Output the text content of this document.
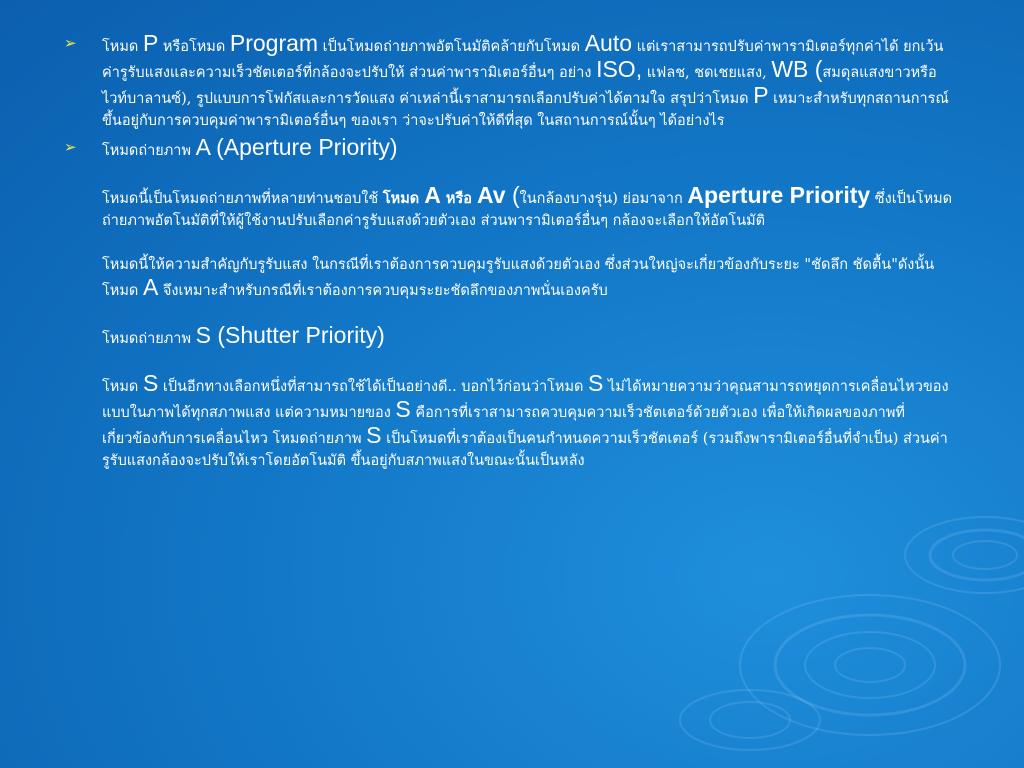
➢	โหมด P หรือโหมด Program เป็นโหมดถ่ายภาพอัตโนมัติคล้ายกับโหมด Auto แต่เราสามารถปรับค่าพารามิเตอร์ทุกค่าได้ ยกเว้นค่ารูรับแสงและความเร็วชัตเตอร์ที่กล้องจะปรับให้ ส่วนค่าพารามิเตอร์อื่นๆ อย่าง ISO, แฟลช, ชดเชยแสง, WB (สมดุลแสงขาวหรือไวท์บาลานซ์), รูปแบบการโฟกัสและการวัดแสง ค่าเหล่านี้เราสามารถเลือกปรับค่าได้ตามใจ สรุปว่าโหมด P เหมาะสำหรับทุกสถานการณ์ ขึ้นอยู่กับการควบคุมค่าพารามิเตอร์อื่นๆ ของเรา ว่าจะปรับค่าให้ดีที่สุด ในสถานการณ์นั้นๆ ได้อย่างไร
➢	โหมดถ่ายภาพ A (Aperture Priority)
โหมดนี้เป็นโหมดถ่ายภาพที่หลายท่านชอบใช้ โหมด A หรือ Av (ในกล้องบางรุ่น) ย่อมาจาก Aperture Priority ซึ่งเป็นโหมดถ่ายภาพอัตโนมัติที่ให้ผู้ใช้งานปรับเลือกค่ารูรับแสงด้วยตัวเอง ส่วนพารามิเตอร์อื่นๆ กล้องจะเลือกให้อัตโนมัติ
โหมดนี้ให้ความสำคัญกับรูรับแสง ในกรณีที่เราต้องการควบคุมรูรับแสงด้วยตัวเอง ซึ่งส่วนใหญ่จะเกี่ยวข้องกับระยะ "ชัดลึก ชัดตื้น"ดังนั้นโหมด A จึงเหมาะสำหรับกรณีที่เราต้องการควบคุมระยะชัดลึกของภาพนั่นเองครับ
โหมดถ่ายภาพ S (Shutter Priority)
โหมด S เป็นอีกทางเลือกหนึ่งที่สามารถใช้ได้เป็นอย่างดี.. บอกไว้ก่อนว่าโหมด S ไม่ได้หมายความว่าคุณสามารถหยุดการเคลื่อนไหวของแบบในภาพได้ทุกสภาพแสง แต่ความหมายของ S คือการที่เราสามารถควบคุมความเร็วชัตเตอร์ด้วยตัวเอง เพื่อให้เกิดผลของภาพที่เกี่ยวข้องกับการเคลื่อนไหว โหมดถ่ายภาพ S เป็นโหมดที่เราต้องเป็นคนกำหนดความเร็วชัตเตอร์ (รวมถึงพารามิเตอร์อื่นที่จำเป็น) ส่วนค่ารูรับแสงกล้องจะปรับให้เราโดยอัตโนมัติ ขึ้นอยู่กับสภาพแสงในขณะนั้นเป็นหลัง
